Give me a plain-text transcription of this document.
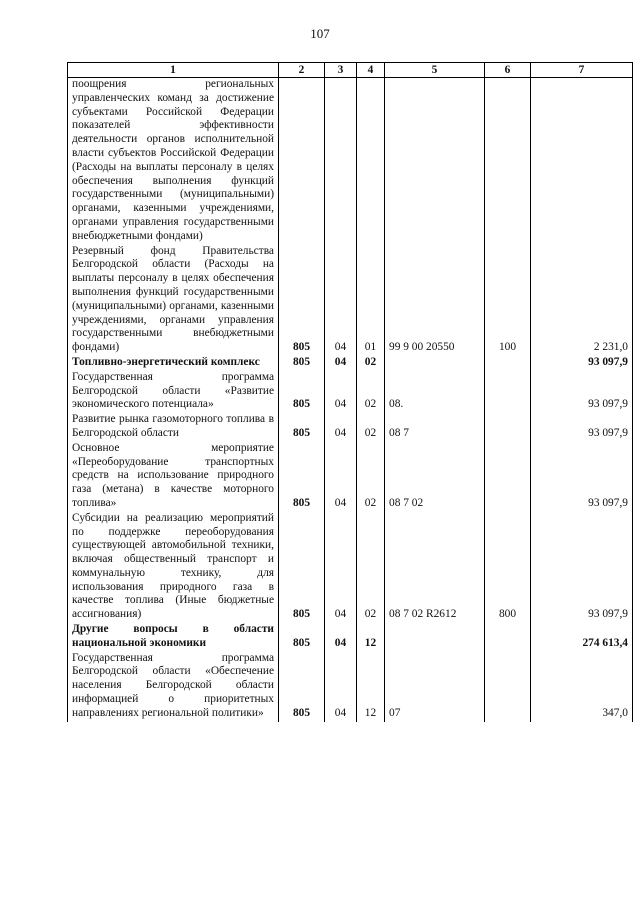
107
1	2	3	4	5	6	7
поощрения региональных управленческих команд за достижение субъектами Российской Федерации показателей эффективности деятельности органов исполнительной власти субъектов Российской Федерации (Расходы на выплаты персоналу в целях обеспечения выполнения функций государственными (муниципальными) органами, казенными учреждениями, органами управления государственными внебюджетными фондами)						
Резервный фонд Правительства Белгородской области (Расходы на выплаты персоналу в целях обеспечения выполнения функций государственными (муниципальными) органами, казенными учреждениями, органами управления государственными внебюджетными фондами)	805	04	01	99 9 00 20550	100	2 231,0
Топливно-энергетический комплекс	805	04	02			93 097,9
Государственная программа Белгородской области «Развитие экономического потенциала»	805	04	02	08.		93 097,9
Развитие рынка газомоторного топлива в Белгородской области	805	04	02	08 7		93 097,9
Основное мероприятие «Переоборудование транспортных средств на использование природного газа (метана) в качестве моторного топлива»	805	04	02	08 7 02		93 097,9
Субсидии на реализацию мероприятий по поддержке переоборудования существующей автомобильной техники, включая общественный транспорт и коммунальную технику, для использования природного газа в качестве топлива (Иные бюджетные ассигнования)	805	04	02	08 7 02 R2612	800	93 097,9
Другие вопросы в области национальной экономики	805	04	12			274 613,4
Государственная программа Белгородской области «Обеспечение населения Белгородской области информацией о приоритетных направлениях региональной политики»	805	04	12	07		347,0
